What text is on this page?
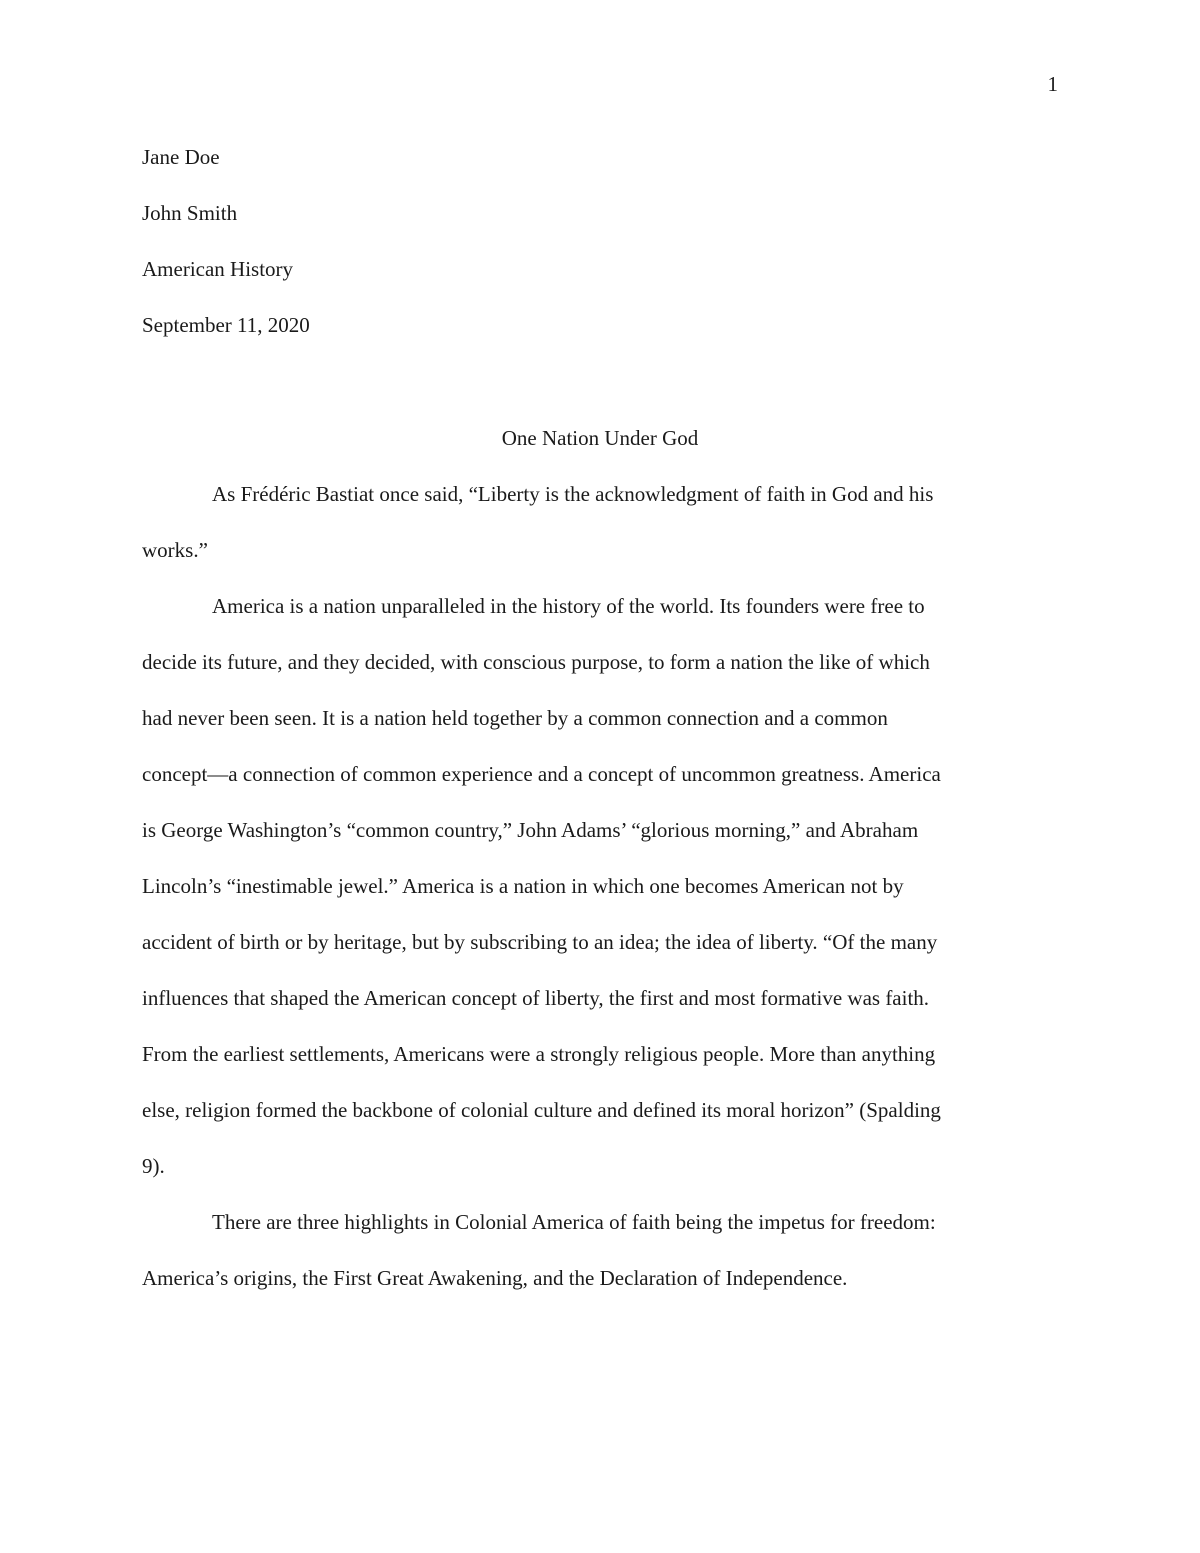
1
Jane Doe
John Smith
American History
September 11, 2020
One Nation Under God
As Frédéric Bastiat once said, “Liberty is the acknowledgment of faith in God and his
works.”
America is a nation unparalleled in the history of the world. Its founders were free to
decide its future, and they decided, with conscious purpose, to form a nation the like of which
had never been seen. It is a nation held together by a common connection and a common
concept—a connection of common experience and a concept of uncommon greatness. America
is George Washington’s “common country,” John Adams’ “glorious morning,” and Abraham
Lincoln’s “inestimable jewel.” America is a nation in which one becomes American not by
accident of birth or by heritage, but by subscribing to an idea; the idea of liberty. “Of the many
influences that shaped the American concept of liberty, the first and most formative was faith.
From the earliest settlements, Americans were a strongly religious people. More than anything
else, religion formed the backbone of colonial culture and defined its moral horizon” (Spalding
9).
There are three highlights in Colonial America of faith being the impetus for freedom:
America’s origins, the First Great Awakening, and the Declaration of Independence.
